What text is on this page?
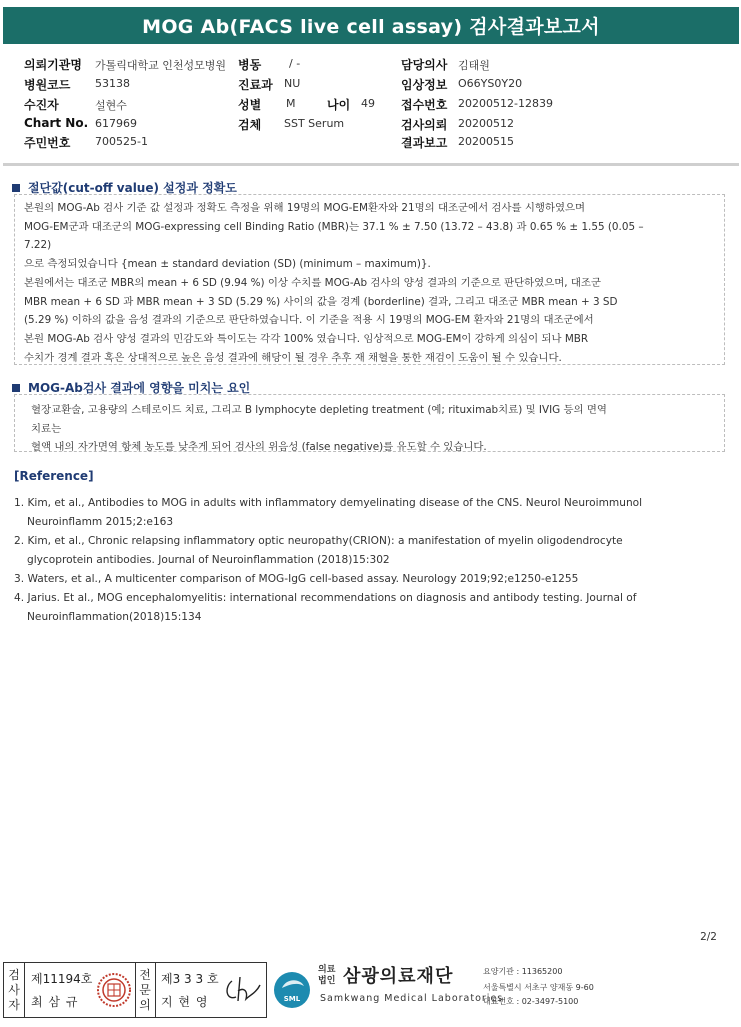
MOG Ab(FACS live cell assay) 검사결과보고서
의뢰기관명 가톨릭대학교 인천성모병원 병동	/ -	담당의사 김태원
병원코드 53138	진료과 NU	임상정보 O66YS0Y20
수진자	설현수	성별 M	나이 49 접수번호 20200512-12839
Chart No. 617969	검체 SST Serum	검사의뢰 20200512
주민번호 700525-1	결과보고 20200515
절단값(cut-off value) 설정과 정확도
본원의 MOG-Ab 검사 기준 값 설정과 정확도 측정을 위해 19명의 MOG-EM환자와 21명의 대조군에서 검사를 시행하였으며
MOG-EM군과 대조군의 MOG-expressing cell Binding Ratio (MBR)는 37.1 % ± 7.50 (13.72 – 43.8) 과 0.65 % ± 1.55 (0.05 –
7.22)
으로 측정되었습니다 {mean ± standard deviation (SD) (minimum – maximum)}.
본원에서는 대조군 MBR의 mean + 6 SD (9.94 %) 이상 수치를 MOG-Ab 검사의 양성 결과의 기준으로 판단하였으며, 대조군
MBR mean + 6 SD 과 MBR mean + 3 SD (5.29 %) 사이의 값을 경계 (borderline) 결과, 그리고 대조군 MBR mean + 3 SD
(5.29 %) 이하의 값을 음성 결과의 기준으로 판단하였습니다. 이 기준을 적용 시 19명의 MOG-EM 환자와 21명의 대조군에서
본원 MOG-Ab 검사 양성 결과의 민감도와 특이도는 각각 100% 였습니다. 임상적으로 MOG-EM이 강하게 의심이 되나 MBR
수치가 경계 결과 혹은 상대적으로 높은 음성 결과에 해당이 될 경우 추후 재 채혈을 통한 재검이 도움이 될 수 있습니다.
MOG-Ab검사 결과에 영향을 미치는 요인
혈장교환술, 고용량의 스테로이드 치료, 그리고 B lymphocyte depleting treatment (예; rituximab치료) 및 IVIG 등의 면역
치료는
혈액 내의 자가면역 항체 농도를 낮추게 되어 검사의 위음성 (false negative)를 유도할 수 있습니다.
[Reference]
1. Kim, et al., Antibodies to MOG in adults with inflammatory demyelinating disease of the CNS. Neurol Neuroimmunol
Neuroinflamm 2015;2:e163
2. Kim, et al., Chronic relapsing inflammatory optic neuropathy(CRION): a manifestation of myelin oligodendrocyte
glycoprotein antibodies. Journal of Neuroinflammation (2018)15:302
3. Waters, et al., A multicenter comparison of MOG-IgG cell-based assay. Neurology 2019;92;e1250-e1255
4. Jarius. Et al., MOG encephalomyelitis: international recommendations on diagnosis and antibody testing. Journal of
Neuroinflammation(2018)15:134
2/2
검사자
제11194호
최 삼 규
전문의
제3 3 3 호
지 현 영	SML
의료법인 삼광의료재단
Samkwang Medical Laboratories
요양기관 : 11365200
서울특별시 서초구 양재동 9-60
대표번호 : 02-3497-5100
